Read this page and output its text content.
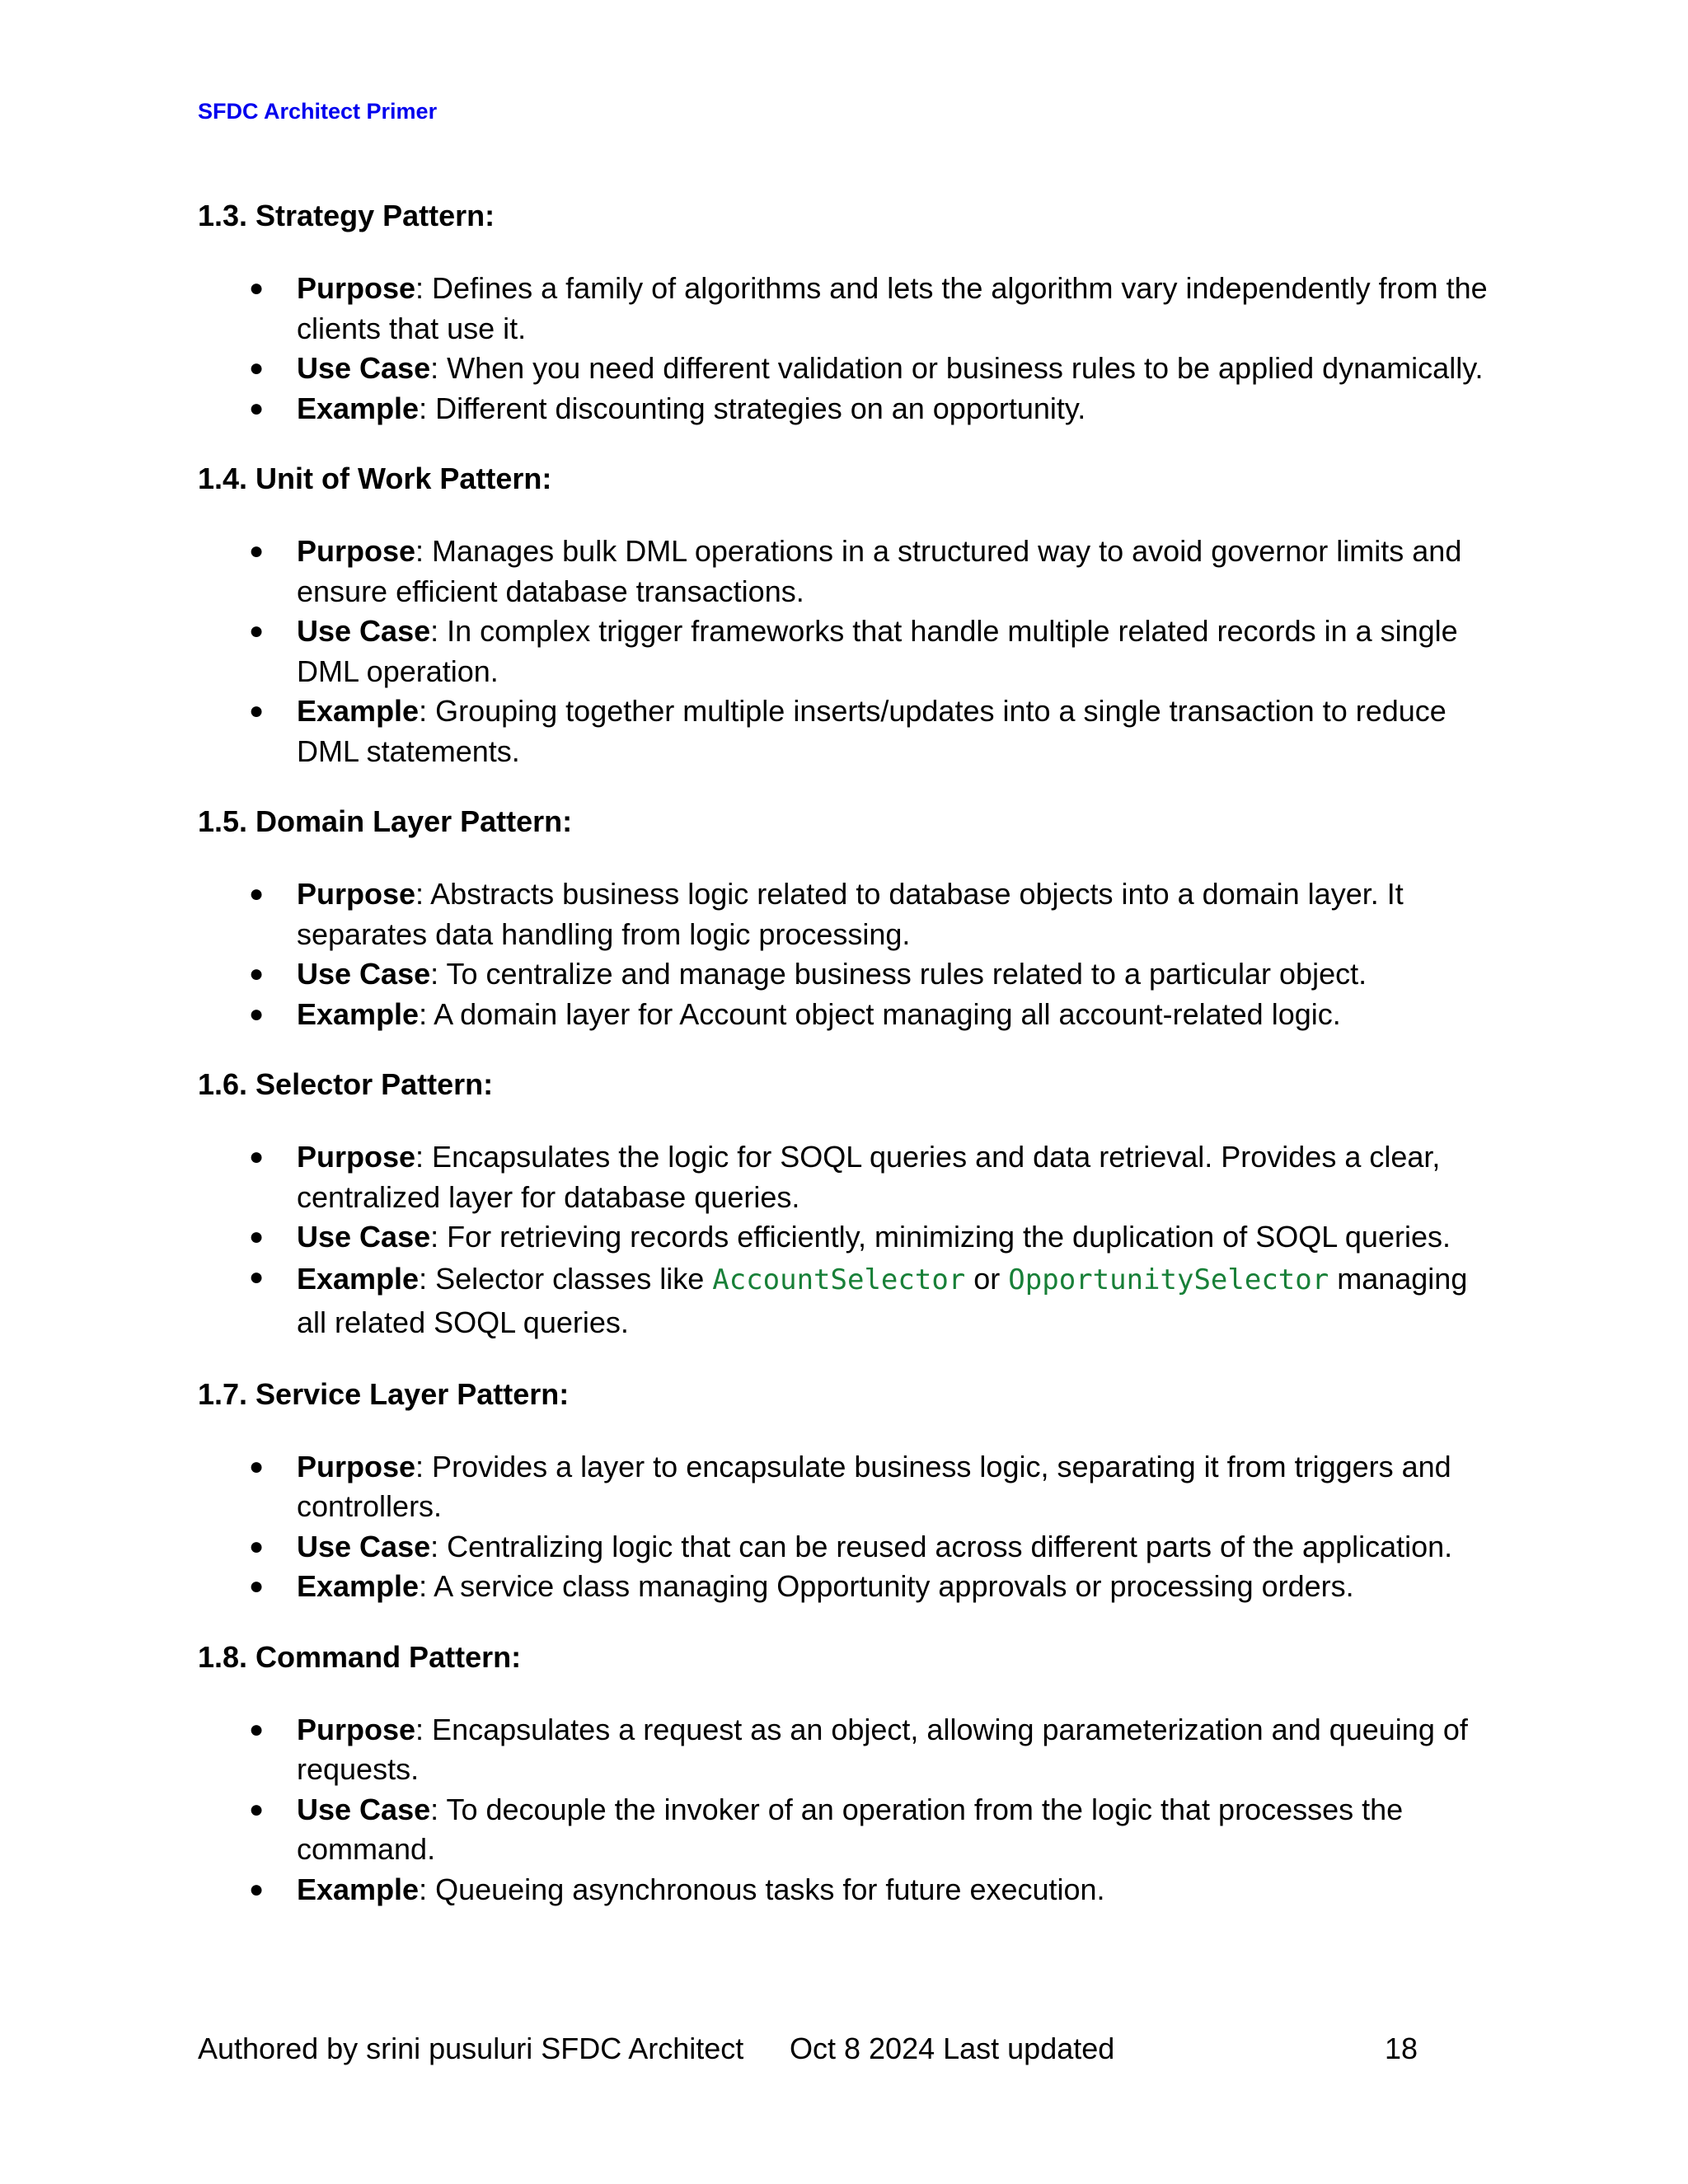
SFDC Architect Primer
1.3. Strategy Pattern:
● Purpose: Defines a family of algorithms and lets the algorithm vary independently from the clients that use it.
● Use Case: When you need different validation or business rules to be applied dynamically.
● Example: Different discounting strategies on an opportunity.
1.4. Unit of Work Pattern:
● Purpose: Manages bulk DML operations in a structured way to avoid governor limits and ensure efficient database transactions.
● Use Case: In complex trigger frameworks that handle multiple related records in a single DML operation.
● Example: Grouping together multiple inserts/updates into a single transaction to reduce DML statements.
1.5. Domain Layer Pattern:
● Purpose: Abstracts business logic related to database objects into a domain layer. It separates data handling from logic processing.
● Use Case: To centralize and manage business rules related to a particular object.
● Example: A domain layer for Account object managing all account-related logic.
1.6. Selector Pattern:
● Purpose: Encapsulates the logic for SOQL queries and data retrieval. Provides a clear, centralized layer for database queries.
● Use Case: For retrieving records efficiently, minimizing the duplication of SOQL queries.
● Example: Selector classes like AccountSelector or OpportunitySelector managing all related SOQL queries.
1.7. Service Layer Pattern:
● Purpose: Provides a layer to encapsulate business logic, separating it from triggers and controllers.
● Use Case: Centralizing logic that can be reused across different parts of the application.
● Example: A service class managing Opportunity approvals or processing orders.
1.8. Command Pattern:
● Purpose: Encapsulates a request as an object, allowing parameterization and queuing of requests.
● Use Case: To decouple the invoker of an operation from the logic that processes the command.
● Example: Queueing asynchronous tasks for future execution.
Authored by srini pusuluri SFDC Architect Oct 8 2024 Last updated	18
